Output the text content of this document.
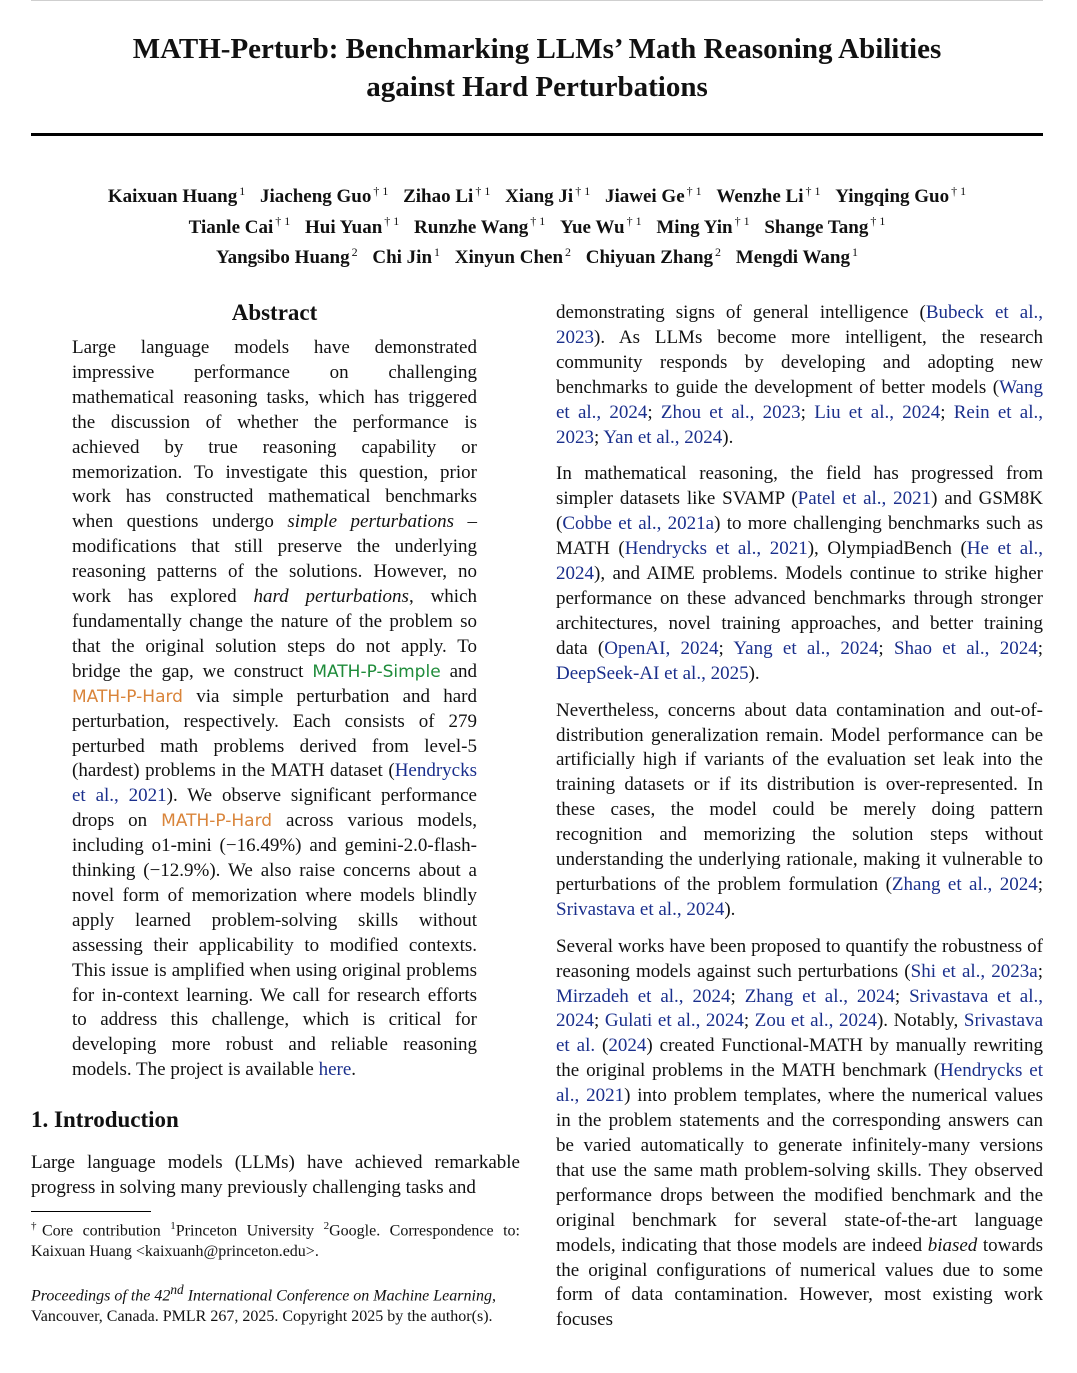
MATH-Perturb: Benchmarking LLMs’ Math Reasoning Abilities
against Hard Perturbations
Kaixuan Huang $^1$ Jiacheng Guo $^{\dagger 1}$ Zihao Li $^{\dagger 1}$ Xiang Ji $^{\dagger 1}$ Jiawei Ge $^{\dagger 1}$ Wenzhe Li $^{\dagger 1}$ Yingqing Guo $^{\dagger 1}$
Tianle Cai $^{\dagger 1}$ Hui Yuan $^{\dagger 1}$ Runzhe Wang $^{\dagger 1}$ Yue Wu $^{\dagger 1}$ Ming Yin $^{\dagger 1}$ Shange Tang $^{\dagger 1}$
Yangsibo Huang $^2$ Chi Jin $^1$ Xinyun Chen $^2$ Chiyuan Zhang $^2$ Mengdi Wang $^1$
Abstract

Large language models have demonstrated impressive performance on challenging mathematical reasoning tasks, which has triggered the discussion of whether the performance is achieved by true reasoning capability or memorization. To investigate this question, prior work has constructed mathematical benchmarks when questions undergo simple perturbations – modifications that still preserve the underlying reasoning patterns of the solutions. However, no work has explored hard perturbations, which fundamentally change the nature of the problem so that the original solution steps do not apply. To bridge the gap, we construct MATH-P-Simple and MATH-P-Hard via simple perturbation and hard perturbation, respectively. Each consists of 279 perturbed math problems derived from level-5 (hardest) problems in the MATH dataset (Hendrycks et al., 2021). We observe significant performance drops on MATH-P-Hard across various models, including o1-mini (−16.49%) and gemini-2.0-flash-thinking (−12.9%). We also raise concerns about a novel form of memorization where models blindly apply learned problem-solving skills without assessing their applicability to modified contexts. This issue is amplified when using original problems for in-context learning. We call for research efforts to address this challenge, which is critical for developing more robust and reliable reasoning models. The project is available here.

1. Introduction

Large language models (LLMs) have achieved remarkable progress in solving many previously challenging tasks and

†Core contribution $^1$Princeton University $^2$Google. Correspondence to: Kaixuan Huang <kaixuanh@princeton.edu>.
Proceedings of the 42nd International Conference on Machine Learning, Vancouver, Canada. PMLR 267, 2025. Copyright 2025 by the author(s).

demonstrating signs of general intelligence (Bubeck et al., 2023). As LLMs become more intelligent, the research community responds by developing and adopting new benchmarks to guide the development of better models (Wang et al., 2024; Zhou et al., 2023; Liu et al., 2024; Rein et al., 2023; Yan et al., 2024).

In mathematical reasoning, the field has progressed from simpler datasets like SVAMP (Patel et al., 2021) and GSM8K (Cobbe et al., 2021a) to more challenging benchmarks such as MATH (Hendrycks et al., 2021), OlympiadBench (He et al., 2024), and AIME problems. Models continue to strike higher performance on these advanced benchmarks through stronger architectures, novel training approaches, and better training data (OpenAI, 2024; Yang et al., 2024; Shao et al., 2024; DeepSeek-AI et al., 2025).

Nevertheless, concerns about data contamination and out-of-distribution generalization remain. Model performance can be artificially high if variants of the evaluation set leak into the training datasets or if its distribution is over-represented. In these cases, the model could be merely doing pattern recognition and memorizing the solution steps without understanding the underlying rationale, making it vulnerable to perturbations of the problem formulation (Zhang et al., 2024; Srivastava et al., 2024).

Several works have been proposed to quantify the robustness of reasoning models against such perturbations (Shi et al., 2023a; Mirzadeh et al., 2024; Zhang et al., 2024; Srivastava et al., 2024; Gulati et al., 2024; Zou et al., 2024). Notably, Srivastava et al. (2024) created Functional-MATH by manually rewriting the original problems in the MATH benchmark (Hendrycks et al., 2021) into problem templates, where the numerical values in the problem statements and the corresponding answers can be varied automatically to generate infinitely-many versions that use the same math problem-solving skills. They observed performance drops between the modified benchmark and the original benchmark for several state-of-the-art language models, indicating that those models are indeed biased towards the original configurations of numerical values due to some form of data contamination. However, most existing work focuses
